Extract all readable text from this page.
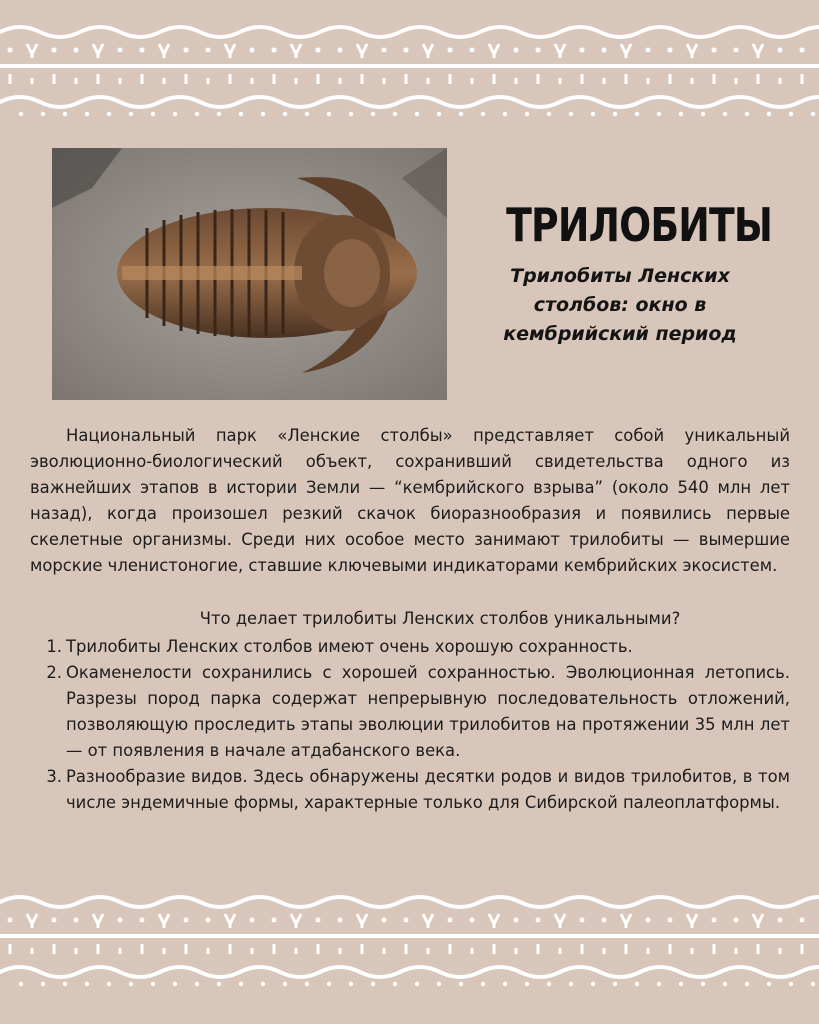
ТРИЛОБИТЫ
Трилобиты Ленских столбов: окно в кембрийский период

Национальный парк «Ленские столбы» представляет собой уникальный эволюционно-биологический объект, сохранивший свидетельства одного из важнейших этапов в истории Земли — “кембрийского взрыва” (около 540 млн лет назад), когда произошел резкий скачок биоразнообразия и появились первые скелетные организмы. Среди них особое место занимают трилобиты — вымершие морские членистоногие, ставшие ключевыми индикаторами кембрийских экосистем.

Что делает трилобиты Ленских столбов уникальными?
1. Трилобиты Ленских столбов имеют очень хорошую сохранность.
2. Окаменелости сохранились с хорошей сохранностью. Эволюционная летопись. Разрезы пород парка содержат непрерывную последовательность отложений, позволяющую проследить этапы эволюции трилобитов на протяжении 35 млн лет — от появления в начале атдабанского века.
3. Разнообразие видов. Здесь обнаружены десятки родов и видов трилобитов, в том числе эндемичные формы, характерные только для Сибирской палеоплатформы.
